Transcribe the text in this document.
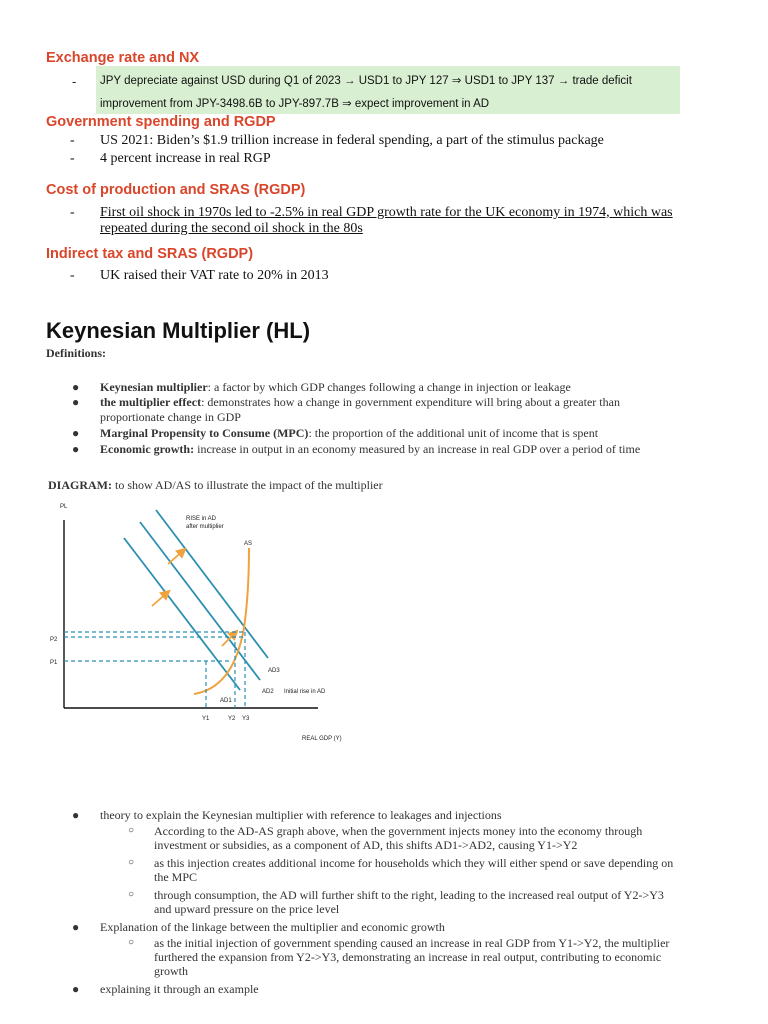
Exchange rate and NX
- JPY depreciate against USD during Q1 of 2023 → USD1 to JPY 127 ⇒ USD1 to JPY 137 → trade deficit
improvement from JPY-3498.6B to JPY-897.7B ⇒ expect improvement in AD
Government spending and RGDP
- US 2021: Biden’s $1.9 trillion increase in federal spending, a part of the stimulus package
- 4 percent increase in real RGP
Cost of production and SRAS (RGDP)
- First oil shock in 1970s led to -2.5% in real GDP growth rate for the UK economy in 1974, which was
repeated during the second oil shock in the 80s
Indirect tax and SRAS (RGDP)
- UK raised their VAT rate to 20% in 2013
Keynesian Multiplier (HL)
Definitions:
● Keynesian multiplier: a factor by which GDP changes following a change in injection or leakage
● the multiplier effect: demonstrates how a change in government expenditure will bring about a greater than
proportionate change in GDP
● Marginal Propensity to Consume (MPC): the proportion of the additional unit of income that is spent
● Economic growth: increase in output in an economy measured by an increase in real GDP over a period of time
DIAGRAM: to show AD/AS to illustrate the impact of the multiplier
PL
REAL GDP (Y)
RISE in AD
after multiplier
AS
P2
P1
AD1
AD2
AD3
Initial rise in AD
Y1	Y2 Y3
● theory to explain the Keynesian multiplier with reference to leakages and injections
○ According to the AD-AS graph above, when the government injects money into the economy through
investment or subsidies, as a component of AD, this shifts AD1->AD2, causing Y1->Y2
○ as this injection creates additional income for households which they will either spend or save depending on
the MPC
○ through consumption, the AD will further shift to the right, leading to the increased real output of Y2->Y3
and upward pressure on the price level
● Explanation of the linkage between the multiplier and economic growth
○ as the initial injection of government spending caused an increase in real GDP from Y1->Y2, the multiplier
furthered the expansion from Y2->Y3, demonstrating an increase in real output, contributing to economic
growth
● explaining it through an example
